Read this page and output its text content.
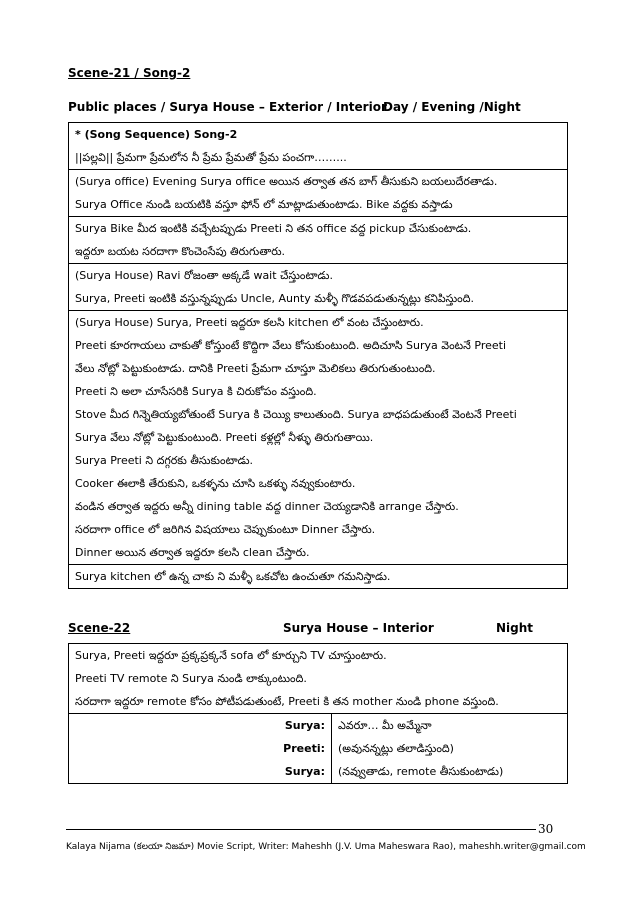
Scene-21 / Song-2
Public places / Surya House – Exterior / Interior
Day / Evening /Night
* (Song Sequence) Song-2
||పల్లవి|| ప్రేమగా ప్రేమలోన నీ ప్రేమ ప్రేమతో ప్రేమ పంచగా……...

(Surya office) Evening Surya office అయిన తర్వాత తన బాగ్ తీసుకుని బయలుదేరతాడు.
Surya Office నుండి బయటికి వస్తూ ఫోన్ లో మాట్లాడుతుంటాడు. Bike వద్దకు వస్తాడు

Surya Bike మీద ఇంటికి వచ్చేటప్పుడు Preeti ని తన office వద్ద pickup చేసుకుంటాడు.
ఇద్దరూ బయట సరదాగా కొంచెంసేపు తిరుగుతారు.

(Surya House) Ravi రోజంతా అక్కడే wait చేస్తుంటాడు.
Surya, Preeti ఇంటికి వస్తున్నప్పుడు Uncle, Aunty మళ్ళీ గొడవపడుతున్నట్లు కనిపిస్తుంది.

(Surya House) Surya, Preeti ఇద్దరూ కలసి kitchen లో వంట చేస్తుంటారు.
Preeti కూరగాయలు చాకుతో కోస్తుంటే కొద్దిగా వేలు కోసుకుంటుంది. అదిచూసి Surya వెంటనే Preeti
వేలు నోట్లో పెట్టుకుంటాడు. దానికి Preeti ప్రేమగా చూస్తూ మెలికలు తిరుగుతుంటుంది.
Preeti ని అలా చూసేసరికి Surya కి చిరుకోపం వస్తుంది.
Stove మీద గిన్నెతియ్యబోతుంటే Surya కి చెయ్యి కాలుతుంది. Surya బాధపడుతుంటే వెంటనే Preeti
Surya వేలు నోట్లో పెట్టుకుంటుంది. Preeti కళ్లల్లో నీళ్ళు తిరుగుతాయి.
Surya Preeti ని దగ్గరకు తీసుకుంటాడు.
Cooker ఈలాకి తేరుకుని, ఒకళ్ళను చూసి ఒకళ్ళు నవ్వుకుంటారు.
వండిన తర్వాత ఇద్దరు అన్నీ dining table వద్ద dinner చెయ్యడానికి arrange చేస్తారు.
సరదాగా office లో జరిగిన విషయాలు చెప్పుకుంటూ Dinner చేస్తారు.
Dinner అయిన తర్వాత ఇద్దరూ కలసి clean చేస్తారు.

Surya kitchen లో ఉన్న చాకు ని మళ్ళీ ఒకచోట ఉంచుతూ గమనిస్తాడు.
Scene-22	Surya House – Interior	Night
Surya, Preeti ఇద్దరూ ప్రక్కప్రక్కనే sofa లో కూర్చుని TV చూస్తుంటారు.
Preeti TV remote ని Surya నుండి లాక్కుంటుంది.
సరదాగా ఇద్దరూ remote కోసం పోటీపడుతుంటే, Preeti కి తన mother నుండి phone వస్తుంది.

Surya:	ఎవరూ… మీ అమ్మేనా
Preeti:	(అవునన్నట్లు తలాడిస్తుంది)
Surya:	(నవ్వుతాడు, remote తీసుకుంటాడు)
30
Kalaya Nijama (కలయా నిజమా) Movie Script, Writer: Maheshh (J.V. Uma Maheswara Rao), maheshh.writer@gmail.com
